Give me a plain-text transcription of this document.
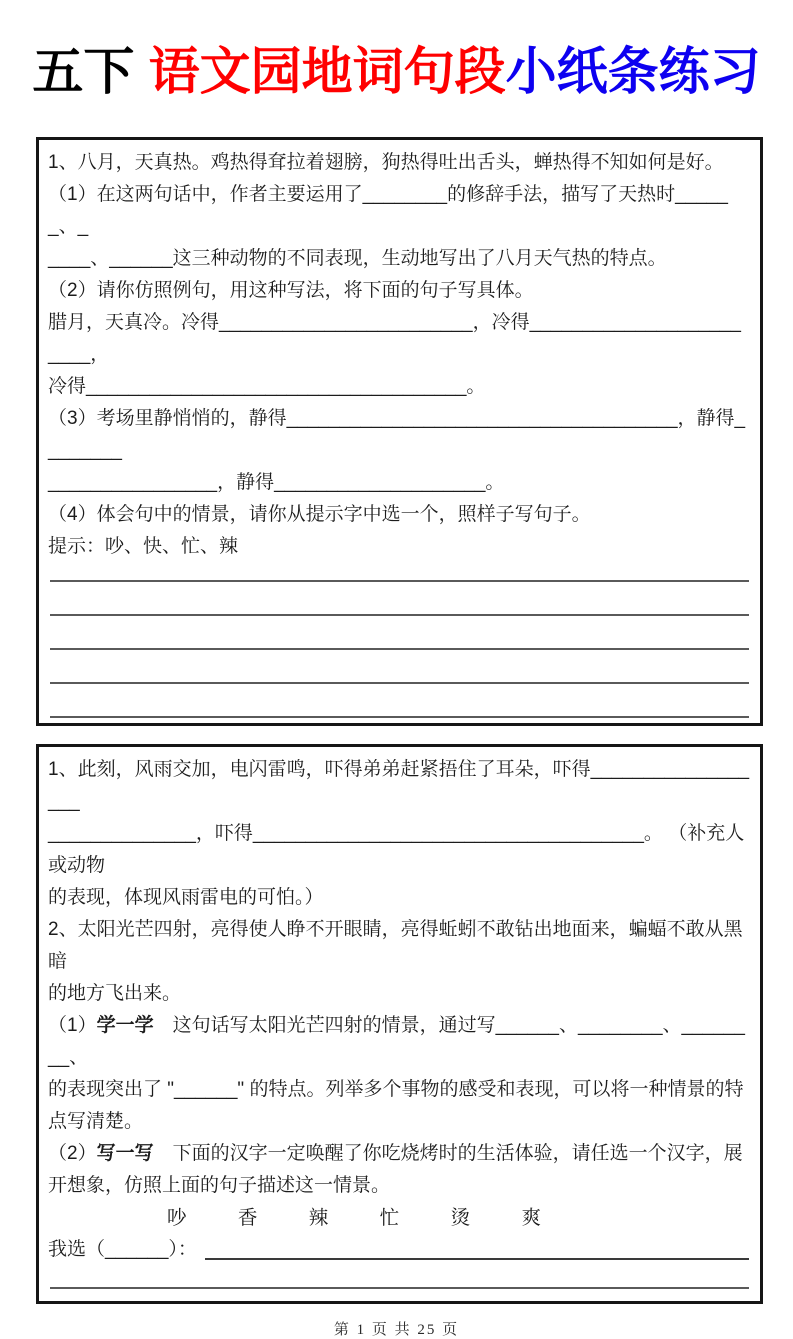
五下 语文园地词句段小纸条练习
1、八月，天真热。鸡热得耷拉着翅膀，狗热得吐出舌头，蝉热得不知如何是好。
（1）在这两句话中，作者主要运用了________的修辞手法，描写了天热时______、_
____、______这三种动物的不同表现，生动地写出了八月天气热的特点。
（2）请你仿照例句，用这种写法，将下面的句子写具体。
腊月，天真冷。冷得________________________，冷得________________________，
冷得____________________________________。
（3）考场里静悄悄的，静得_____________________________________，静得________
________________，静得____________________。
（4）体会句中的情景，请你从提示字中选一个，照样子写句子。
提示：吵、快、忙、辣
1、此刻，风雨交加，电闪雷鸣，吓得弟弟赶紧捂住了耳朵，吓得__________________
______________，吓得_____________________________________。 （补充人或动物
的表现，体现风雨雷电的可怕。）
2、太阳光芒四射，亮得使人睁不开眼睛，亮得蚯蚓不敢钻出地面来，蝙蝠不敢从黑暗
的地方飞出来。
（1）学一学　这句话写太阳光芒四射的情景，通过写______、________、________、
的表现突出了 "______" 的特点。列举多个事物的感受和表现，可以将一种情景的特
点写清楚。
（2）写一写　下面的汉字一定唤醒了你吃烧烤时的生活体验，请任选一个汉字，展
开想象，仿照上面的句子描述这一情景。
吵	香	辣	忙	烫	爽
我选（______）：
第 1 页 共 25 页
